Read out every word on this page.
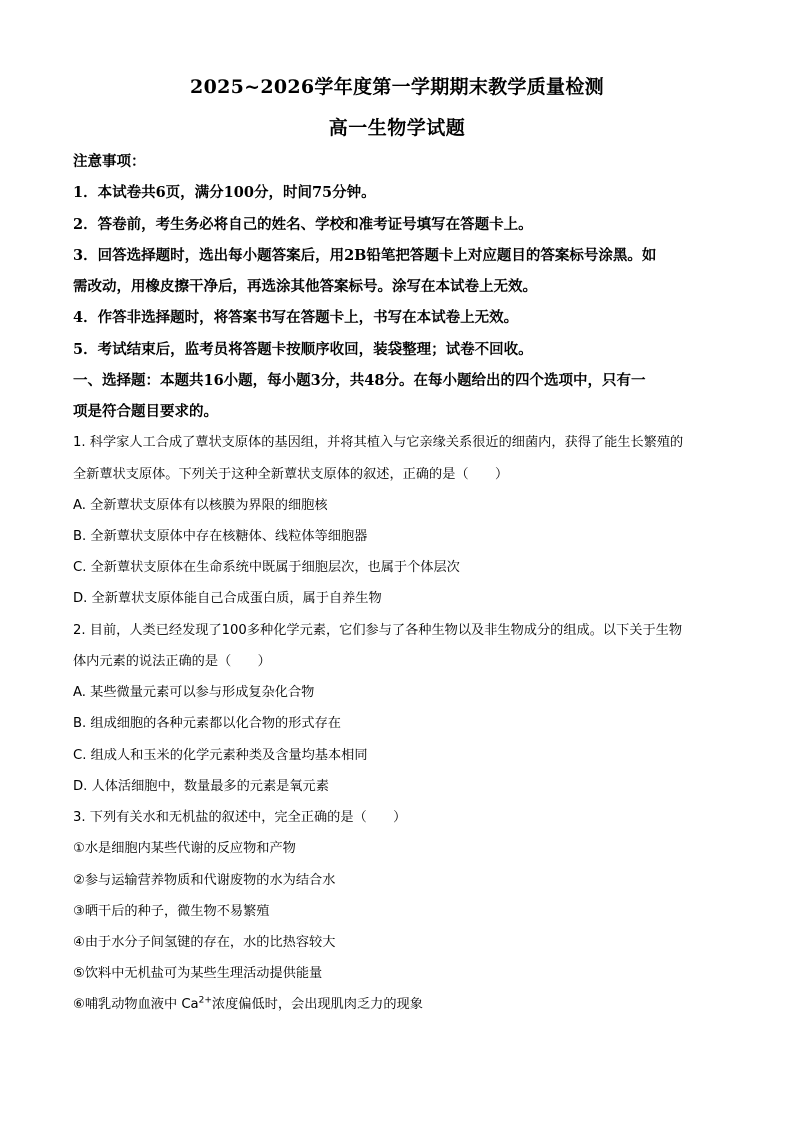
2025~2026学年度第一学期期末教学质量检测
高一生物学试题
注意事项：
1．本试卷共6页，满分100分，时间75分钟。
2．答卷前，考生务必将自己的姓名、学校和准考证号填写在答题卡上。
3．回答选择题时，选出每小题答案后，用2B铅笔把答题卡上对应题目的答案标号涂黑。如
需改动，用橡皮擦干净后，再选涂其他答案标号。涂写在本试卷上无效。
4．作答非选择题时，将答案书写在答题卡上，书写在本试卷上无效。
5．考试结束后，监考员将答题卡按顺序收回，装袋整理；试卷不回收。
一、选择题：本题共16小题，每小题3分，共48分。在每小题给出的四个选项中，只有一
项是符合题目要求的。
1. 科学家人工合成了蕈状支原体的基因组，并将其植入与它亲缘关系很近的细菌内，获得了能生长繁殖的
全新蕈状支原体。下列关于这种全新蕈状支原体的叙述，正确的是（　　）
A. 全新蕈状支原体有以核膜为界限的细胞核
B. 全新蕈状支原体中存在核糖体、线粒体等细胞器
C. 全新蕈状支原体在生命系统中既属于细胞层次，也属于个体层次
D. 全新蕈状支原体能自己合成蛋白质，属于自养生物
2. 目前，人类已经发现了100多种化学元素，它们参与了各种生物以及非生物成分的组成。以下关于生物
体内元素的说法正确的是（　　）
A. 某些微量元素可以参与形成复杂化合物
B. 组成细胞的各种元素都以化合物的形式存在
C. 组成人和玉米的化学元素种类及含量均基本相同
D. 人体活细胞中，数量最多的元素是氧元素
3. 下列有关水和无机盐的叙述中，完全正确的是（　　）
①水是细胞内某些代谢的反应物和产物
②参与运输营养物质和代谢废物的水为结合水
③晒干后的种子，微生物不易繁殖
④由于水分子间氢键的存在，水的比热容较大
⑤饮料中无机盐可为某些生理活动提供能量
⑥哺乳动物血液中 $Ca^{2+}$浓度偏低时，会出现肌肉乏力的现象
